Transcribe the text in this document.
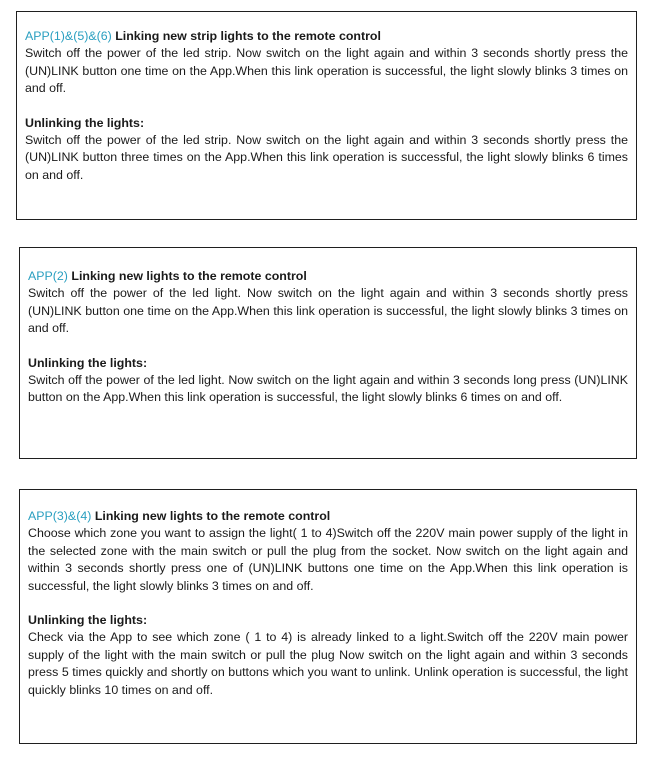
APP(1)&(5)&(6) Linking new strip lights to the remote control

Switch off the power of the led strip. Now switch on the light again and within 3 seconds shortly press the (UN)LINK button one time on the App.When this link operation is successful, the light slowly blinks 3 times on and off.

Unlinking the lights:

Switch off the power of the led strip. Now switch on the light again and within 3 seconds shortly press the (UN)LINK button three times on the App.When this link operation is successful, the light slowly blinks 6 times on and off.

APP(2) Linking new lights to the remote control

Switch off the power of the led light. Now switch on the light again and within 3 seconds shortly press (UN)LINK button one time on the App.When this link operation is successful, the light slowly blinks 3 times on and off.

Unlinking the lights:

Switch off the power of the led light. Now switch on the light again and within 3 seconds long press (UN)LINK button on the App.When this link operation is successful, the light slowly blinks 6 times on and off.

APP(3)&(4) Linking new lights to the remote control

Choose which zone you want to assign the light( 1 to 4)Switch off the 220V main power supply of the light in the selected zone with the main switch or pull the plug from the socket. Now switch on the light again and within 3 seconds shortly press one of (UN)LINK buttons one time on the App.When this link operation is successful, the light slowly blinks 3 times on and off.

Unlinking the lights:

Check via the App to see which zone ( 1 to 4) is already linked to a light.Switch off the 220V main power supply of the light with the main switch or pull the plug Now switch on the light again and within 3 seconds press 5 times quickly and shortly on buttons which you want to unlink. Unlink operation is successful, the light quickly blinks 10 times on and off.
